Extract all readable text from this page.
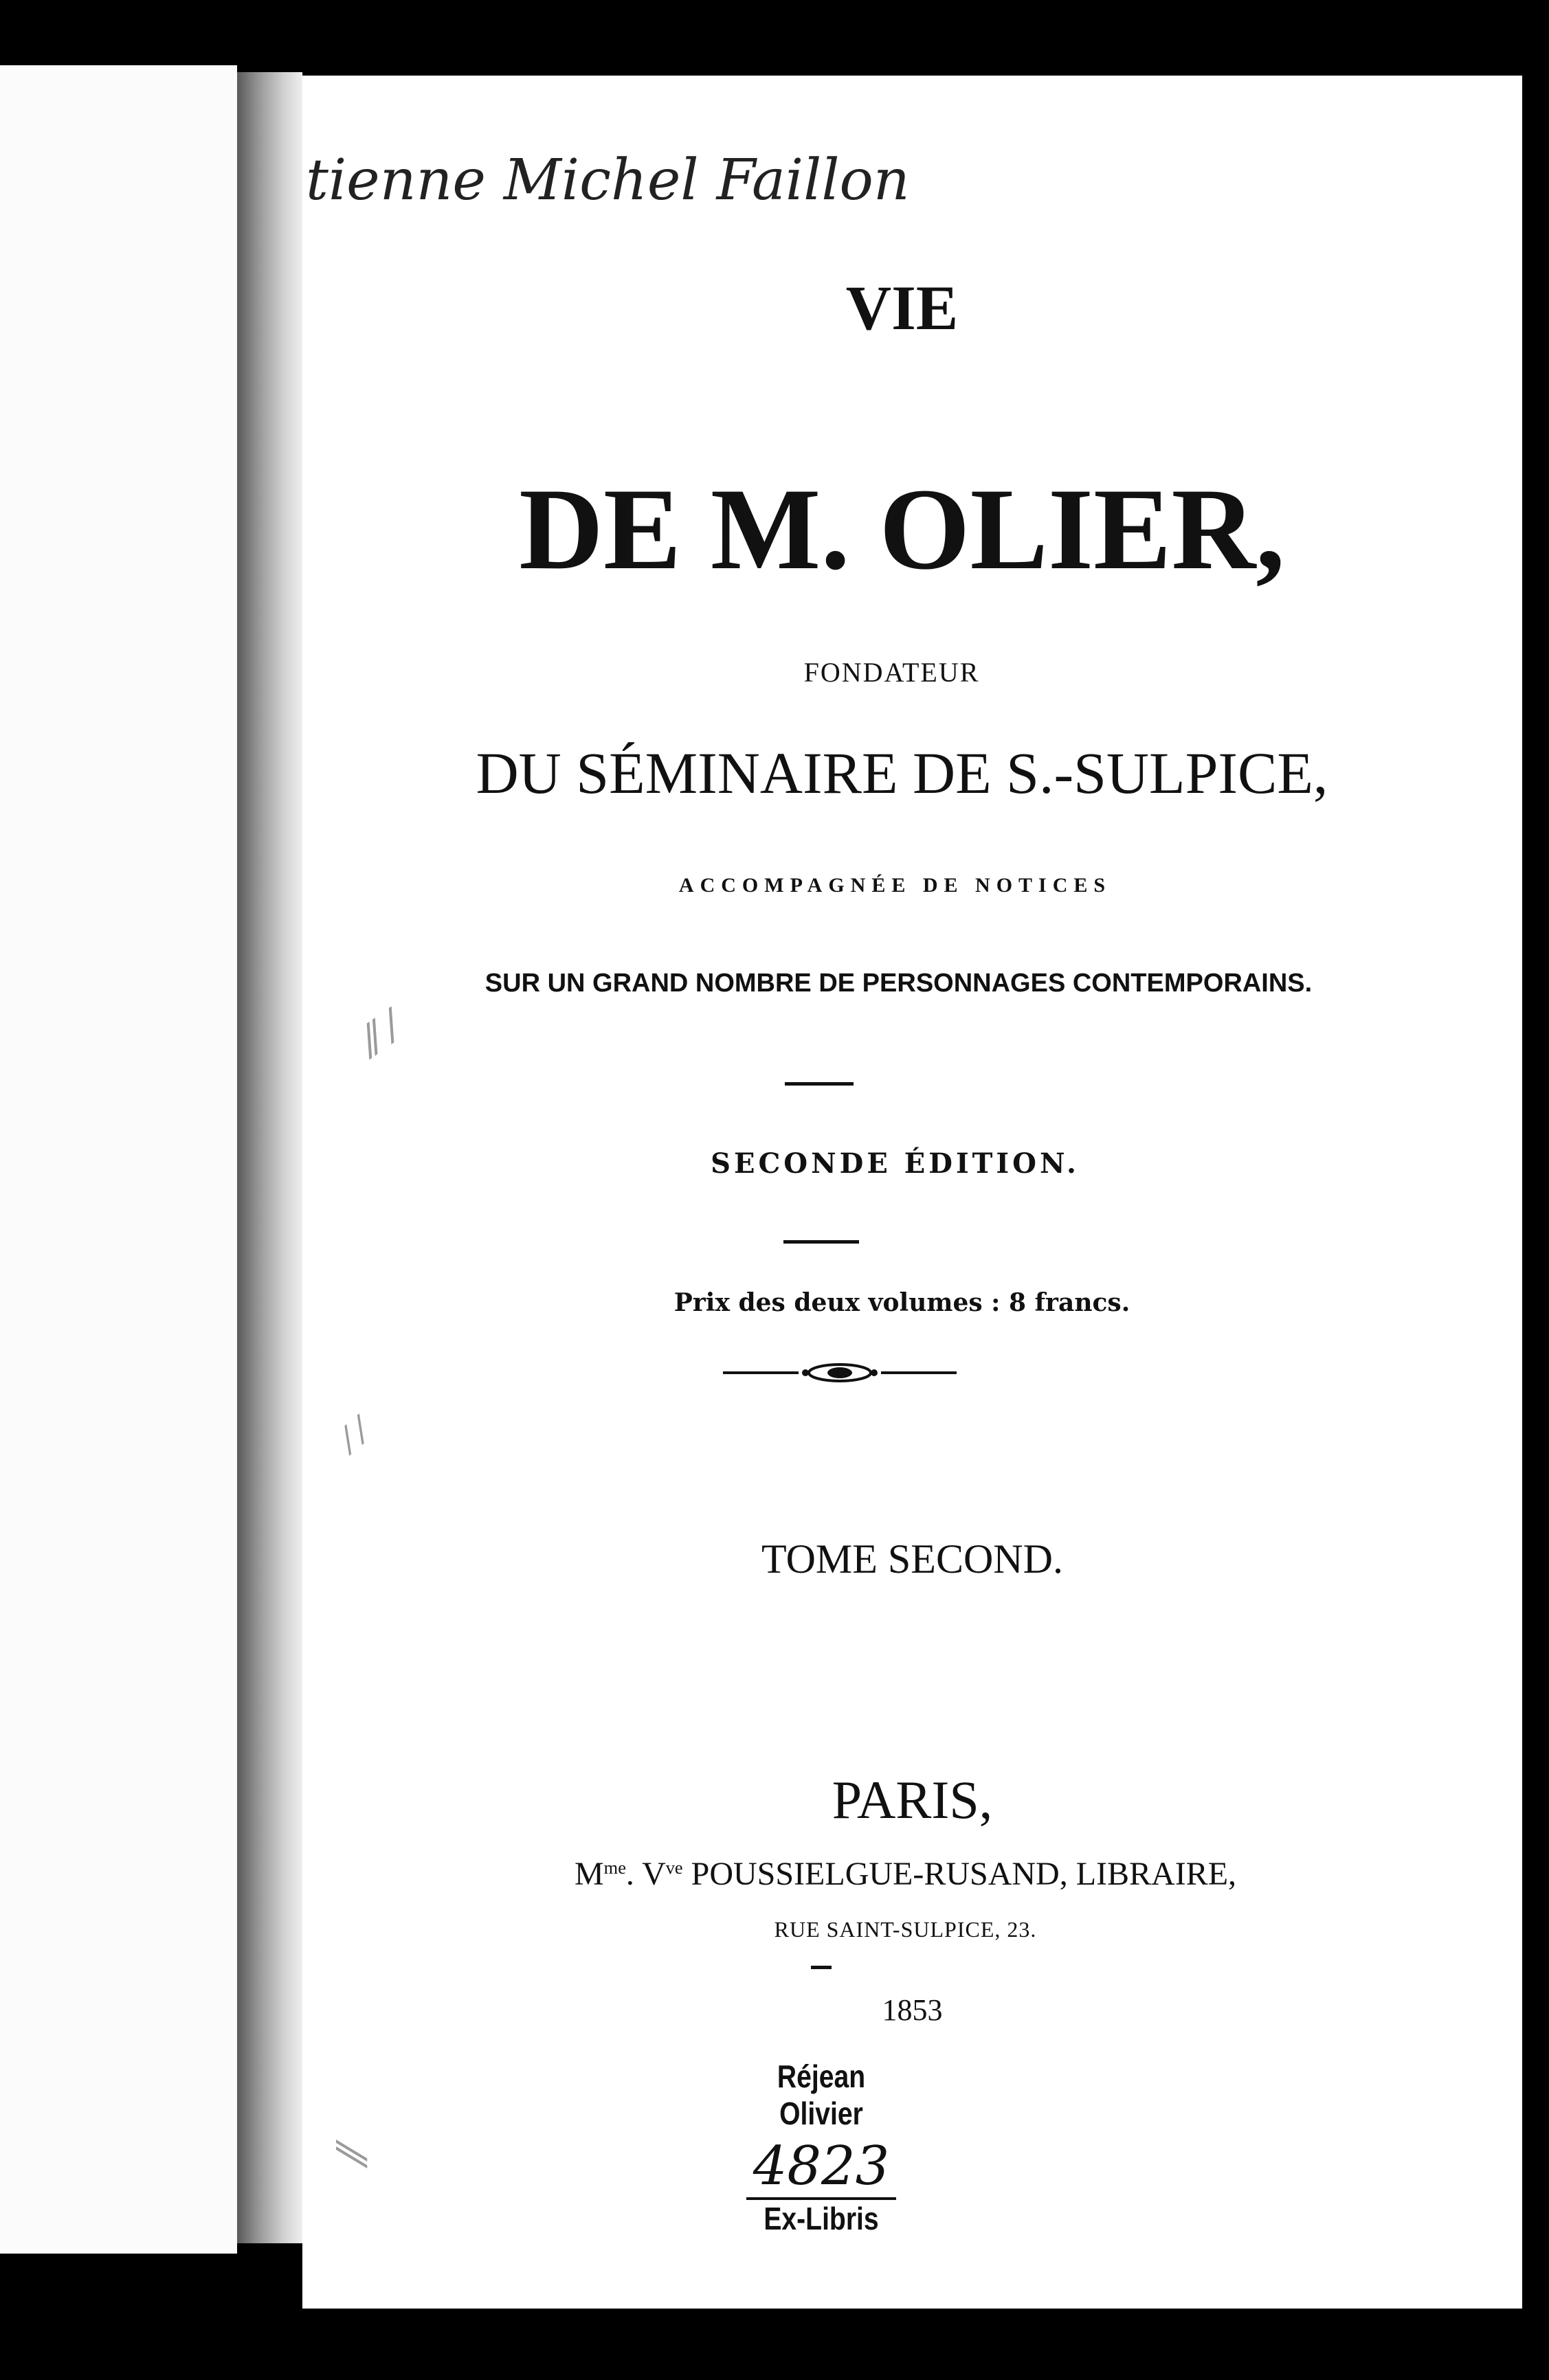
tienne Michel Faillon
VIE
DE M. OLIER,
FONDATEUR
DU SÉMINAIRE DE S.-SULPICE,
ACCOMPAGNÉE DE NOTICES
SUR UN GRAND NOMBRE DE PERSONNAGES CONTEMPORAINS.
SECONDE ÉDITION.
Prix des deux volumes : 8 francs.
TOME SECOND.
PARIS,
$M^{me}$. $V^{ve}$ POUSSIELGUE-RUSAND, LIBRAIRE,
RUE SAINT-SULPICE, 23.
1853
Réjean
Olivier
4823
Ex-Libris
⁄⁄ ⁄
⁄ ⁄
⁄⁄
